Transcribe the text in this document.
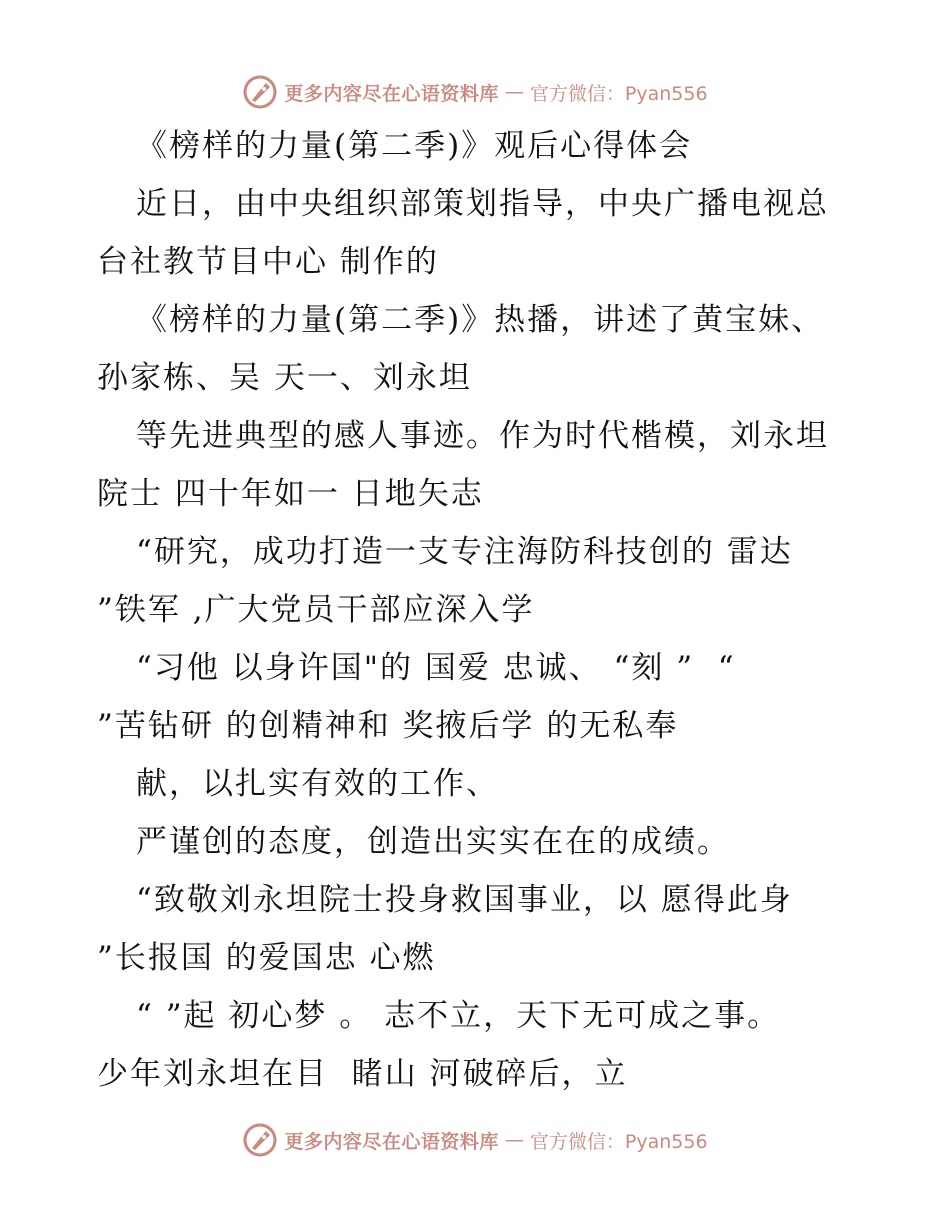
更多内容尽在心语资料库 — 官方微信：Pyan556
《榜样的力量(第二季)》观后心得体会
近日，由中央组织部策划指导，中央广播电视总
台社教节目中心 制作的
《榜样的力量(第二季)》热播，讲述了黄宝妹、
孙家栋、吴 天一、刘永坦
等先进典型的感人事迹。作为时代楷模，刘永坦
院士 四十年如一 日地矢志
“研究，成功打造一支专注海防科技创的 雷达
”铁军 ,广大党员干部应深入学
“习他 以身许国"的 国爱 忠诚、 “刻 ”  “
”苦钻研 的创精神和 奖掖后学 的无私奉
献，以扎实有效的工作、
严谨创的态度，创造出实实在在的成绩。
“致敬刘永坦院士投身救国事业，以 愿得此身
”长报国 的爱国忠 心燃
“ ”起 初心梦 。 志不立，天下无可成之事。
少年刘永坦在目  睹山 河破碎后，立
更多内容尽在心语资料库 — 官方微信：Pyan556
